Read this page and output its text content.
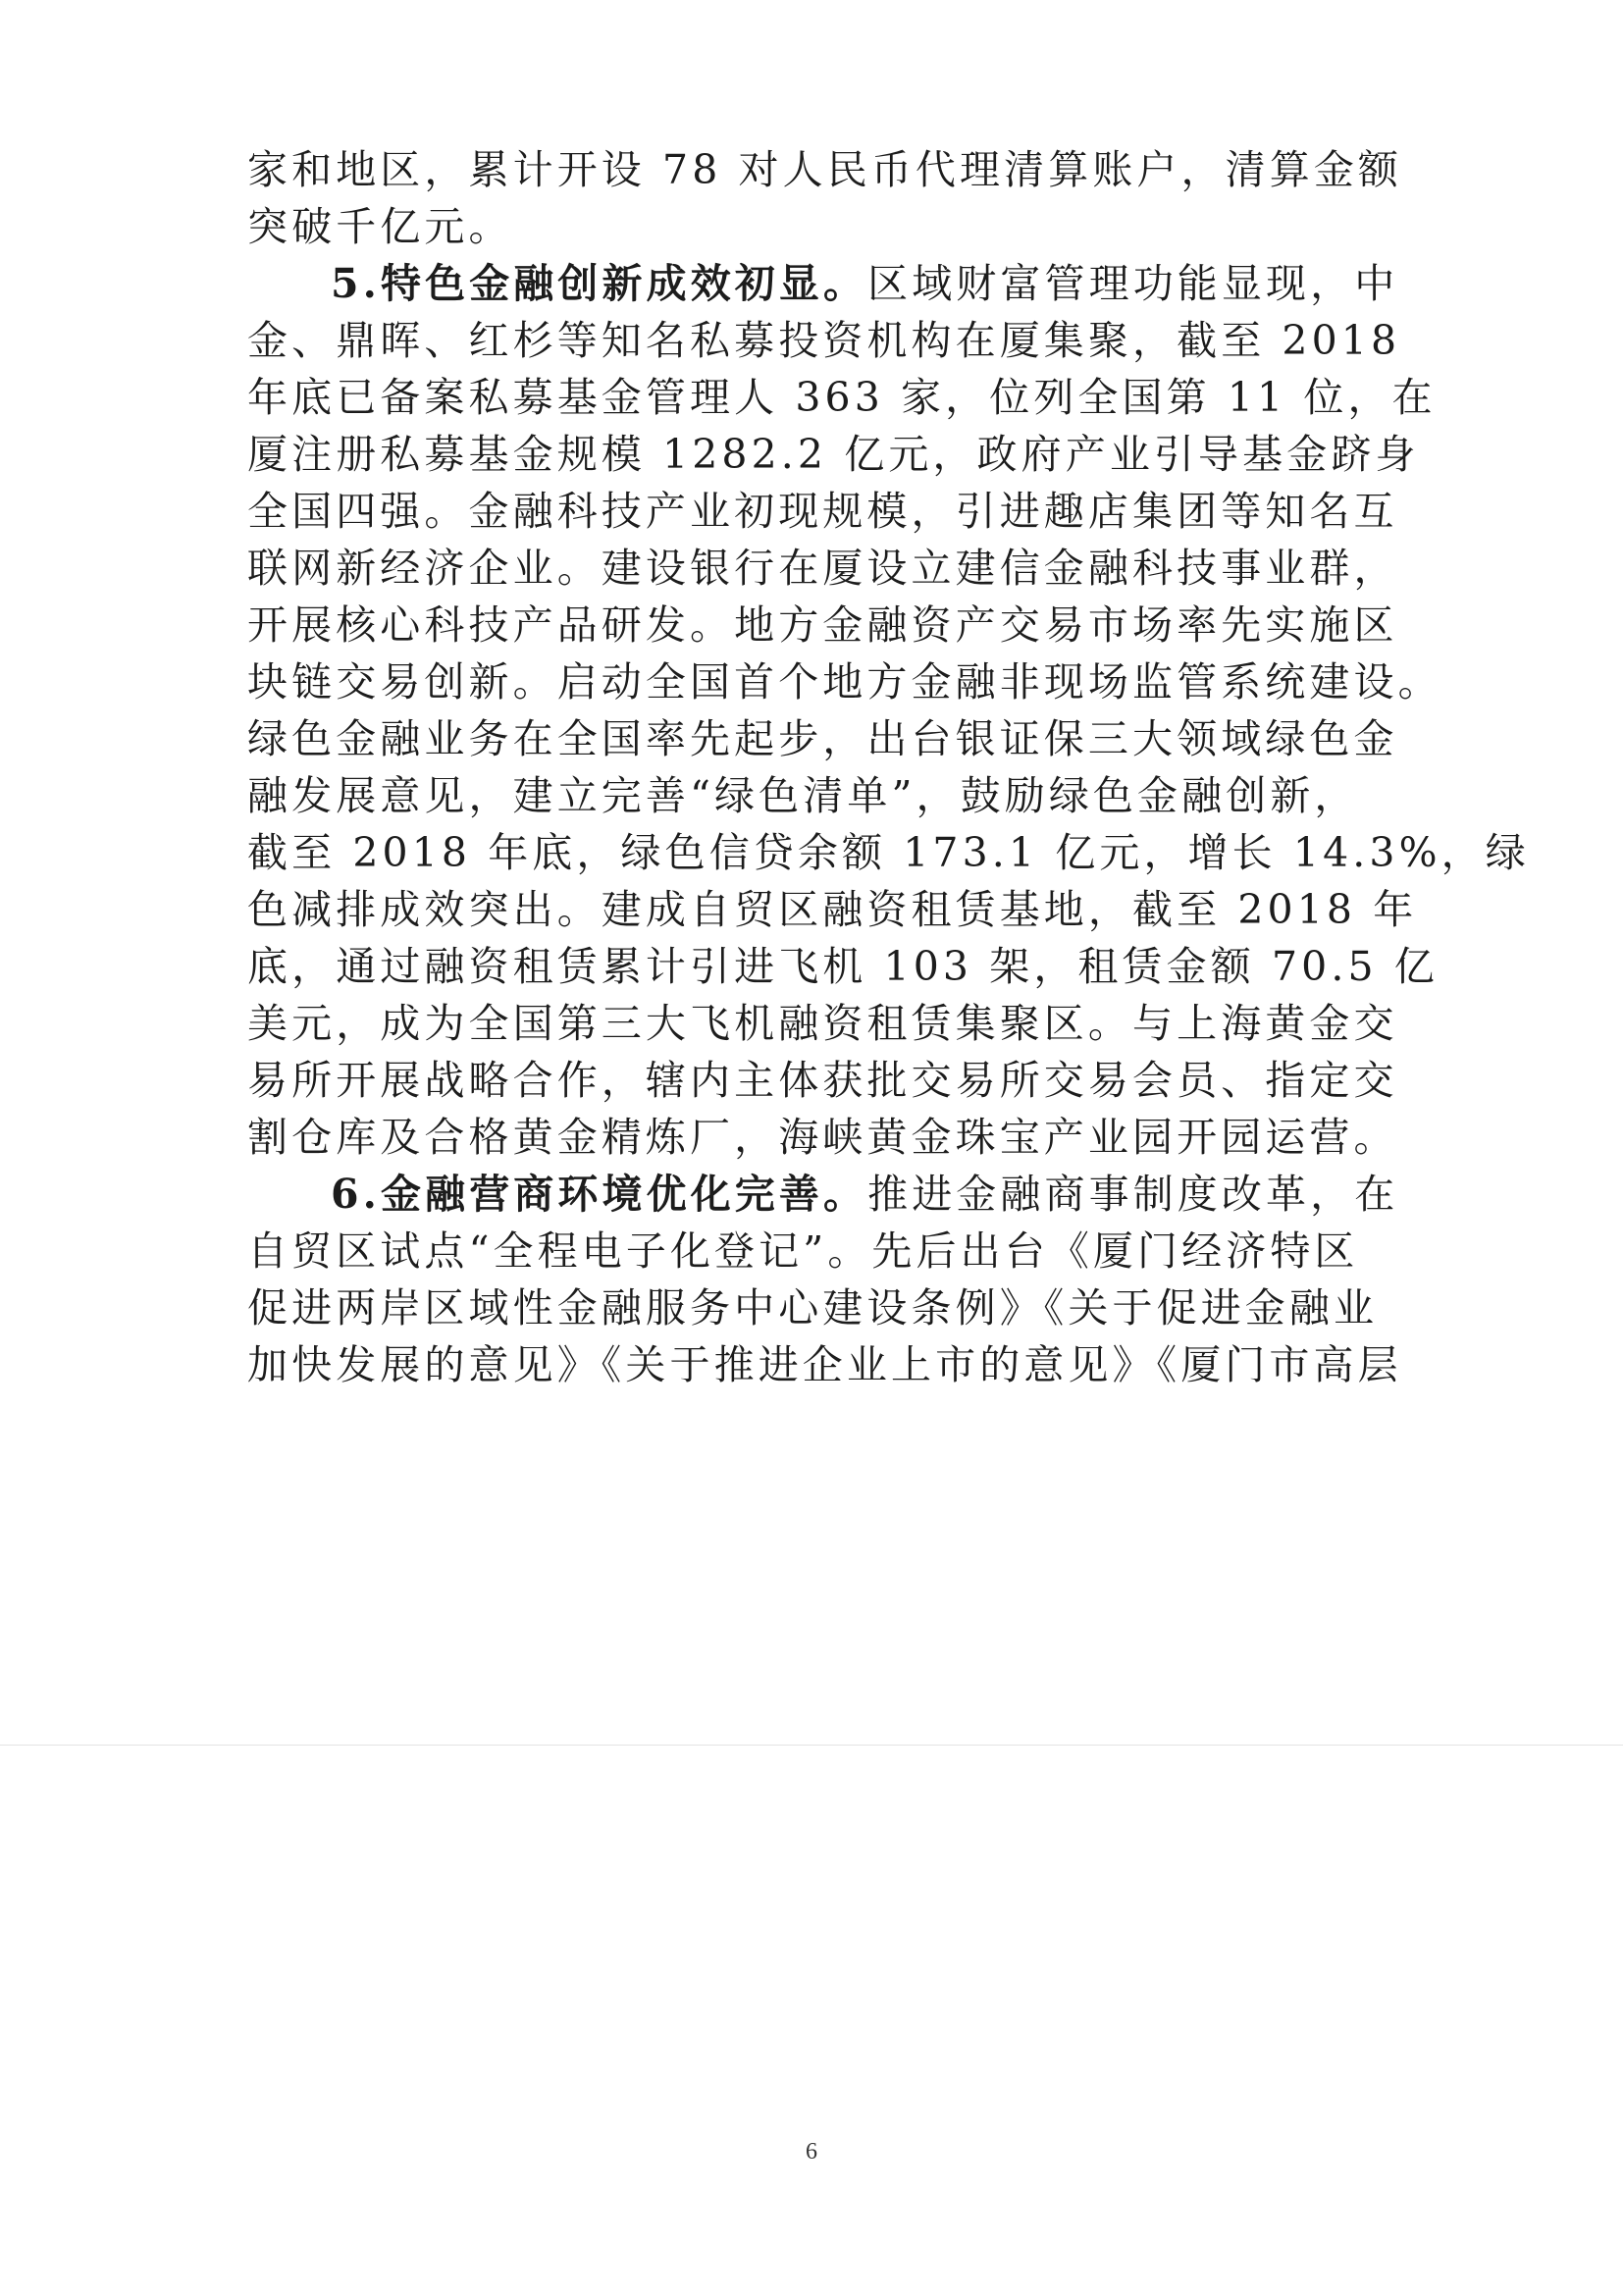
家和地区，累计开设 78 对人民币代理清算账户，清算金额
突破千亿元。
5.特色金融创新成效初显。区域财富管理功能显现，中
金、鼎晖、红杉等知名私募投资机构在厦集聚，截至 2018
年底已备案私募基金管理人 363 家，位列全国第 11 位，在
厦注册私募基金规模 1282.2 亿元，政府产业引导基金跻身
全国四强。金融科技产业初现规模，引进趣店集团等知名互
联网新经济企业。建设银行在厦设立建信金融科技事业群，
开展核心科技产品研发。地方金融资产交易市场率先实施区
块链交易创新。启动全国首个地方金融非现场监管系统建设。
绿色金融业务在全国率先起步，出台银证保三大领域绿色金
融发展意见，建立完善“绿色清单”，鼓励绿色金融创新，
截至 2018 年底，绿色信贷余额 173.1 亿元，增长 14.3%，绿
色减排成效突出。建成自贸区融资租赁基地，截至 2018 年
底，通过融资租赁累计引进飞机 103 架，租赁金额 70.5 亿
美元，成为全国第三大飞机融资租赁集聚区。与上海黄金交
易所开展战略合作，辖内主体获批交易所交易会员、指定交
割仓库及合格黄金精炼厂，海峡黄金珠宝产业园开园运营。
6.金融营商环境优化完善。推进金融商事制度改革，在
自贸区试点“全程电子化登记”。先后出台《厦门经济特区
促进两岸区域性金融服务中心建设条例》《关于促进金融业
加快发展的意见》《关于推进企业上市的意见》《厦门市高层
6
